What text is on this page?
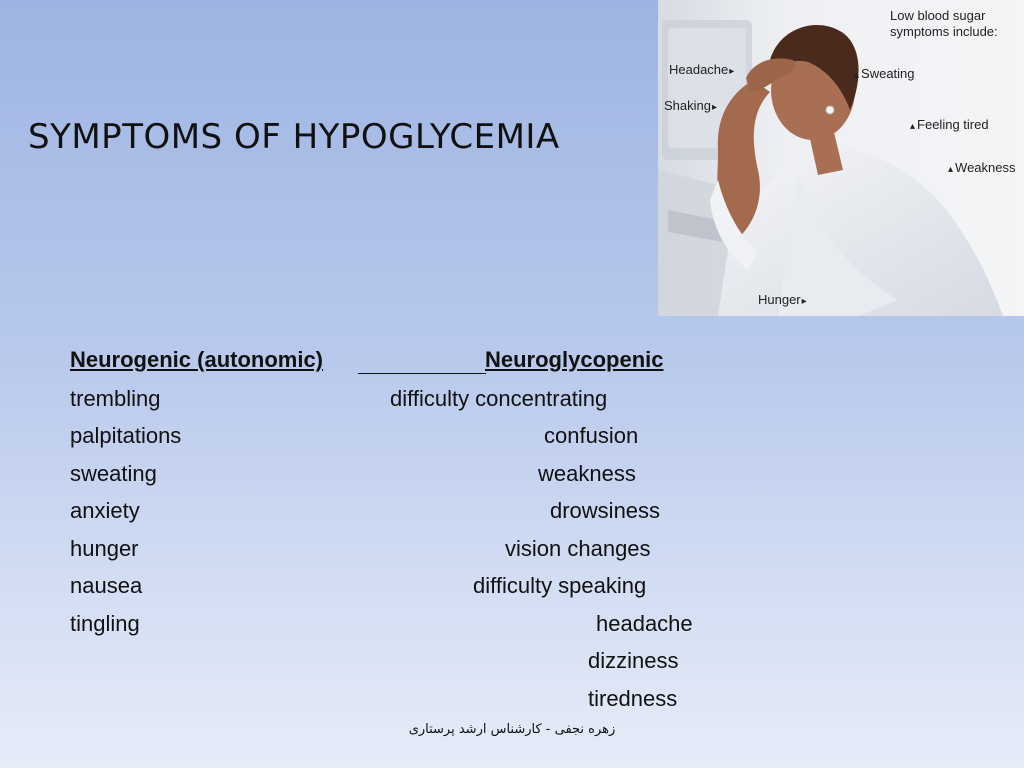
SYMPTOMS OF HYPOGLYCEMIA
Low blood sugar
symptoms include:
Headache ▸
Shaking ▸
▴ Sweating
▴ Feeling tired
▴ Weakness
Hunger ▸
Neurogenic (autonomic)	Neuroglycopenic
trembling
palpitations
sweating
anxiety
hunger
nausea
tingling
difficulty concentrating
confusion
weakness
drowsiness
vision changes
difficulty speaking
headache
dizziness
tiredness
زهره نجفی - کارشناس ارشد پرستاری
